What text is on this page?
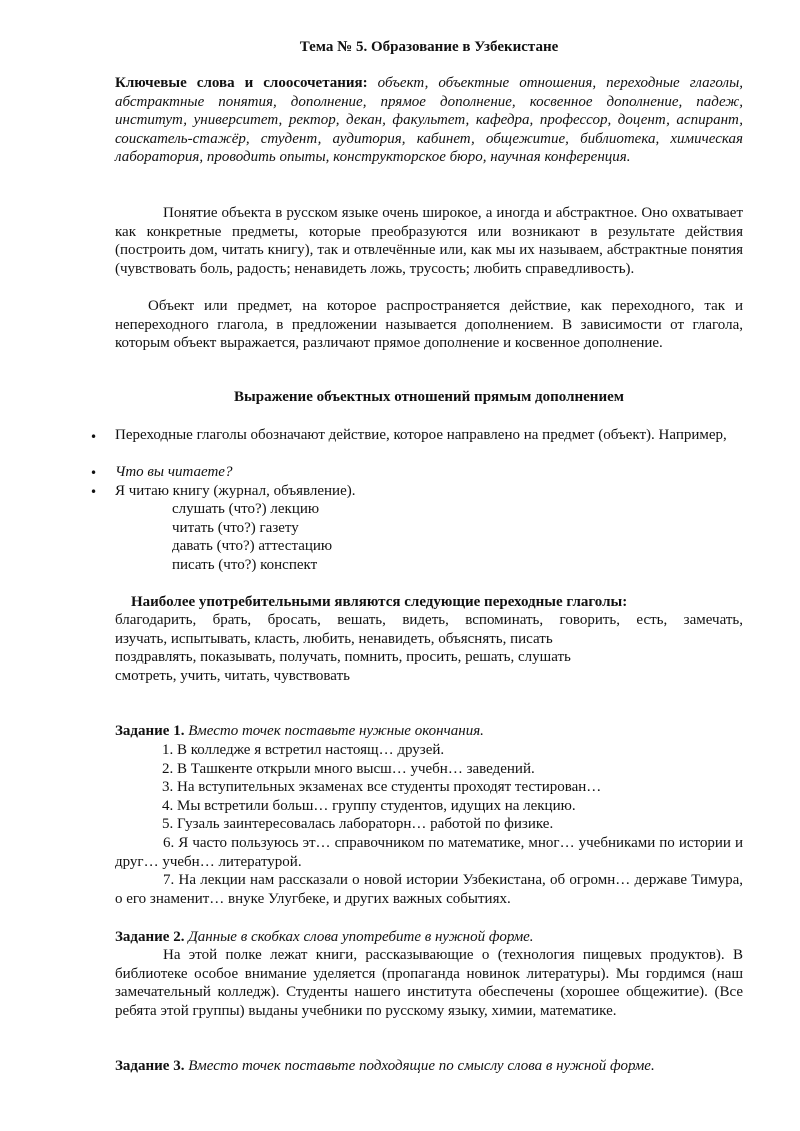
Тема № 5. Образование в Узбекистане
Ключевые слова и слоосочетания: объект, объектные отношения, переходные глаголы, абстрактные понятия, дополнение, прямое дополнение, косвенное дополнение, падеж, институт, университет, ректор, декан, факультет, кафедра, профессор, доцент, аспирант, соискатель-стажёр, студент, аудитория, кабинет, общежитие, библиотека, химическая лаборатория, проводить опыты, конструкторское бюро, научная конференция.
Понятие объекта в русском языке очень широкое, а иногда и абстрактное. Оно охватывает как конкретные предметы, которые преобразуются или возникают в результате действия (построить дом, читать книгу), так и отвлечённые или, как мы их называем, абстрактные понятия (чувствовать боль, радость; ненавидеть ложь, трусость; любить справедливость).
Объект или предмет, на которое распространяется действие, как переходного, так и непереходного глагола, в предложении называется дополнением. В зависимости от глагола, которым объект выражается, различают прямое дополнение и косвенное дополнение.
Выражение объектных отношений прямым дополнением
• Переходные глаголы обозначают действие, которое направлено на предмет (объект). Например,
• Что вы читаете?
• Я читаю книгу (журнал, объявление).
слушать (что?) лекцию
читать (что?) газету
давать (что?) аттестацию
писать (что?) конспект
Наиболее употребительными являются следующие переходные глаголы:
благодарить, брать, бросать, вешать, видеть, вспоминать, говорить, есть, замечать,
изучать, испытывать, класть, любить, ненавидеть, объяснять, писать
поздравлять, показывать, получать, помнить, просить, решать, слушать
смотреть, учить, читать, чувствовать
Задание 1. Вместо точек поставьте нужные окончания.
1. В колледже я встретил настоящ… друзей.
2. В Ташкенте открыли много высш… учебн… заведений.
3. На вступительных экзаменах все студенты проходят тестирован…
4. Мы встретили больш… группу студентов, идущих на лекцию.
5. Гузаль заинтересовалась лабораторн… работой по физике.
6. Я часто пользуюсь эт… справочником по математике, мног… учебниками по истории и друг… учебн… литературой.
7. На лекции нам рассказали о новой истории Узбекистана, об огромн… державе Тимура, о его знаменит… внуке Улугбеке, и других важных событиях.
Задание 2. Данные в скобках слова употребите в нужной форме.
На этой полке лежат книги, рассказывающие о (технология пищевых продуктов). В библиотеке особое внимание уделяется (пропаганда новинок литературы). Мы гордимся (наш замечательный колледж). Студенты нашего института обеспечены (хорошее общежитие). (Все ребята этой группы) выданы учебники по русскому языку, химии, математике.
Задание 3. Вместо точек поставьте подходящие по смыслу слова в нужной форме.
